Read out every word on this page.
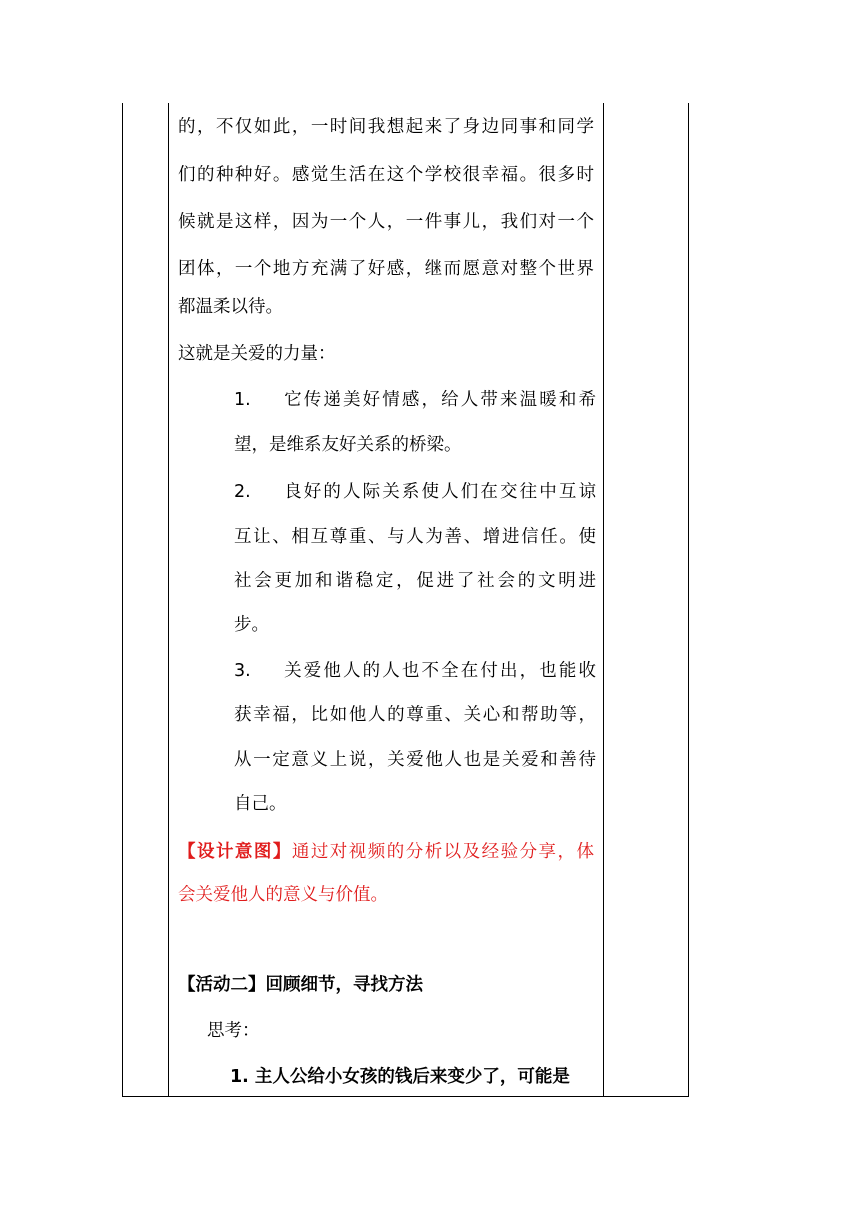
的，不仅如此，一时间我想起来了身边同事和同学
们的种种好。感觉生活在这个学校很幸福。很多时
候就是这样，因为一个人，一件事儿，我们对一个
团体，一个地方充满了好感，继而愿意对整个世界
都温柔以待。
这就是关爱的力量：
1. 它传递美好情感，给人带来温暖和希
望，是维系友好关系的桥梁。
2. 良好的人际关系使人们在交往中互谅
互让、相互尊重、与人为善、增进信任。使
社会更加和谐稳定，促进了社会的文明进
步。
3. 关爱他人的人也不全在付出，也能收
获幸福，比如他人的尊重、关心和帮助等，
从一定意义上说，关爱他人也是关爱和善待
自己。
【设计意图】通过对视频的分析以及经验分享，体
会关爱他人的意义与价值。
【活动二】回顾细节，寻找方法
思考：
1. 主人公给小女孩的钱后来变少了，可能是
